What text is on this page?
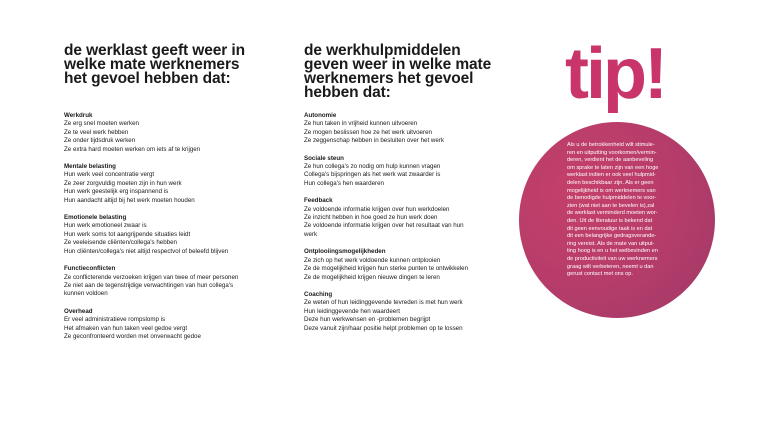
de werklast geeft weer in
welke mate werknemers
het gevoel hebben dat:
Werkdruk
Ze erg snel moeten werken
Ze te veel werk hebben
Ze onder tijdsdruk werken
Ze extra hard moeten werken om iets af te krijgen
Mentale belasting
Hun werk veel concentratie vergt
Ze zeer zorgvuldig moeten zijn in hun werk
Hun werk geestelijk erg inspannend is
Hun aandacht altijd bij het werk moeten houden
Emotionele belasting
Hun werk emotioneel zwaar is
Hun werk soms tot aangrijpende situaties leidt
Ze veeleisende cliënten/collega's hebben
Hun cliënten/collega's niet altijd respectvol of beleefd blijven
Functieconflicten
Ze conflicterende verzoeken krijgen van twee of meer personen
Ze niet aan de tegenstrijdige verwachtingen van hun collega's
kunnen voldoen
Overhead
Er veel administratieve rompslomp is
Het afmaken van hun taken veel gedoe vergt
Ze geconfronteerd worden met onverwacht gedoe
de werkhulpmiddelen
geven weer in welke mate
werknemers het gevoel
hebben dat:
Autonomie
Ze hun taken in vrijheid kunnen uitvoeren
Ze mogen beslissen hoe ze het werk uitvoeren
Ze zeggenschap hebben in besluiten over het werk
Sociale steun
Ze hun collega's zo nodig om hulp kunnen vragen
Collega's bijspringen als het werk wat zwaarder is
Hun collega's hen waarderen
Feedback
Ze voldoende informatie krijgen over hun werkdoelen
Ze inzicht hebben in hoe goed ze hun werk doen
Ze voldoende informatie krijgen over het resultaat van hun
werk
Ontplooiingsmogelijkheden
Ze zich op het werk voldoende kunnen ontplooien
Ze de mogelijkheid krijgen hun sterke punten te ontwikkelen
Ze de mogelijkheid krijgen nieuwe dingen te leren
Coaching
Ze weten of hun leidinggevende tevreden is met hun werk
Hun leidinggevende hen waardeert
Deze hun werkwensen en -problemen begrijpt
Deze vanuit zijn/haar positie helpt problemen op te lossen
tip!
Als u de betrokkenheid wilt stimule-
ren en uitputting voorkomen/vermin-
deren, verdient het de aanbeveling
om sprake te laten zijn van een hoge
werklast indien er ook veel hulpmid-
delen beschikbaar zijn. Als er geen
mogelijkheid is om werknemers van
de benodigde hulpmiddelen te voor-
zien (wat niet aan te bevelen is),zal
de werklast verminderd moeten wor-
den. Uit de literatuur is bekend dat
dit geen eenvoudige taak is en dat
dit een belangrijke gedragsverande-
ring vereist. Als de mate van uitput-
ting hoog is en u het welbevinden en
de productiviteit van uw werknemers
graag wilt verbeteren, neemt u dan
gerust contact met ons op.
